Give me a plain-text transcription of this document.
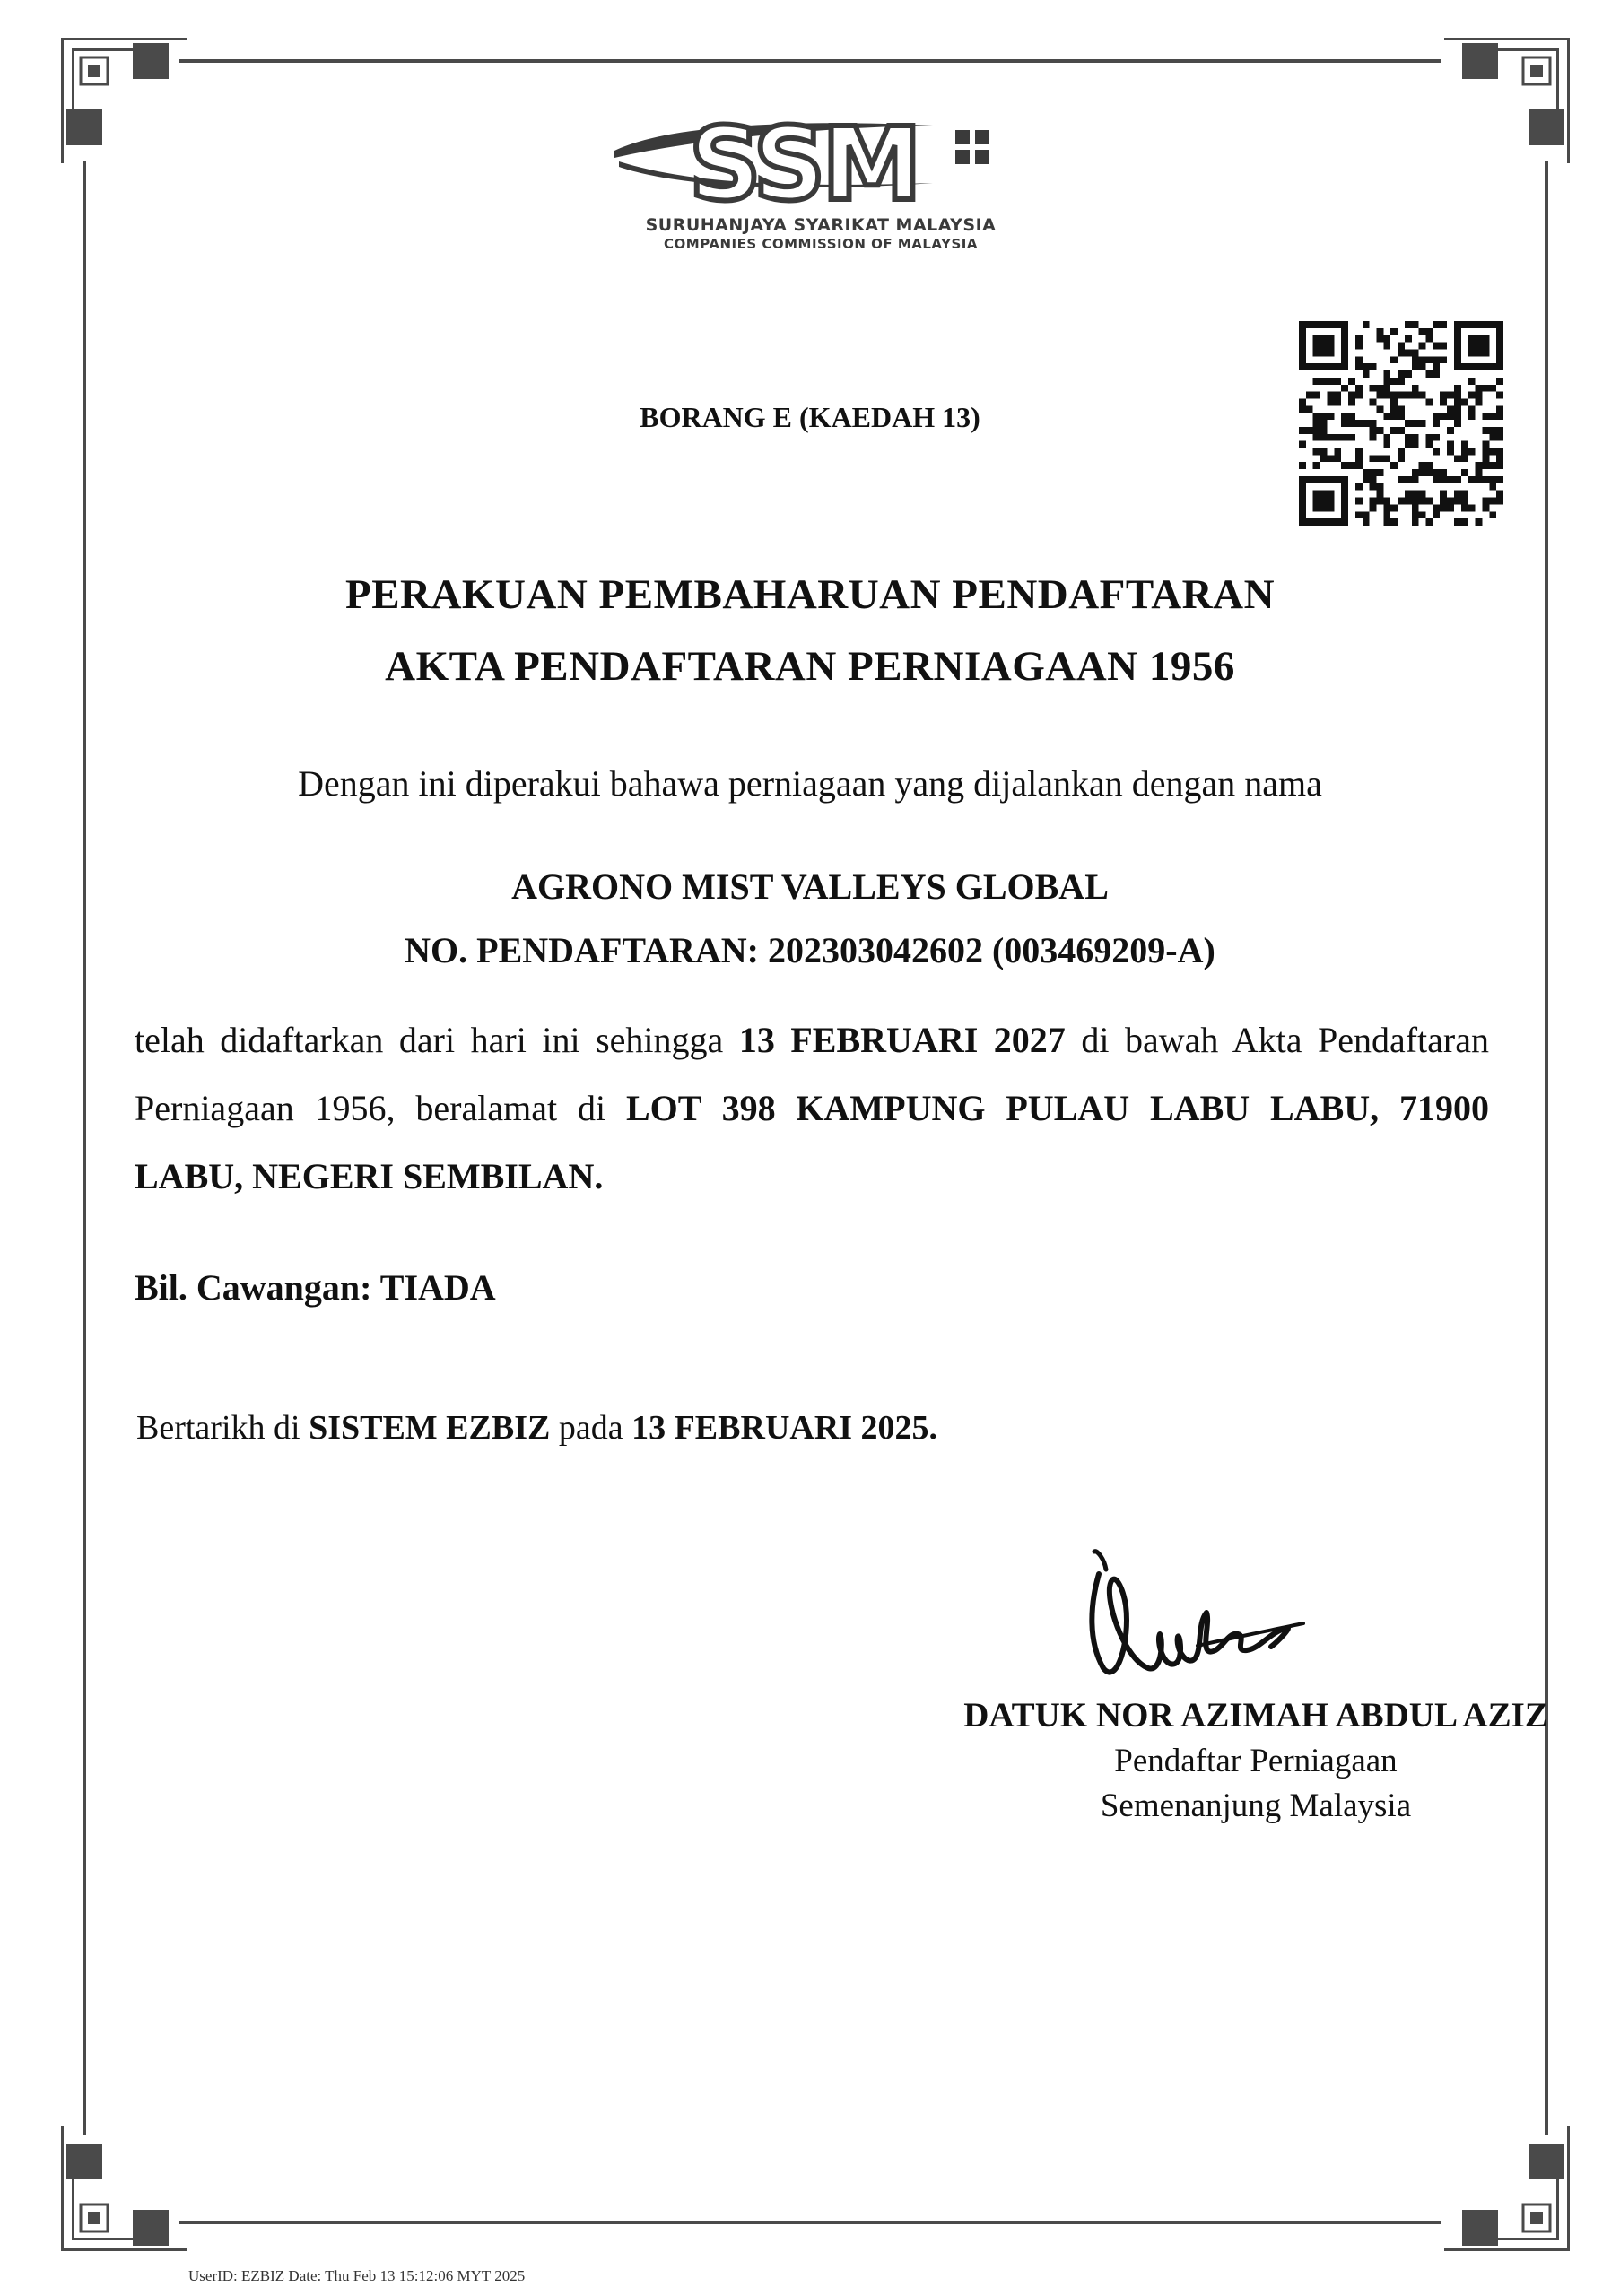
SSM
SURUHANJAYA SYARIKAT MALAYSIA
COMPANIES COMMISSION OF MALAYSIA
BORANG E (KAEDAH 13)
PERAKUAN PEMBAHARUAN PENDAFTARAN
AKTA PENDAFTARAN PERNIAGAAN 1956
Dengan ini diperakui bahawa perniagaan yang dijalankan dengan nama
AGRONO MIST VALLEYS GLOBAL
NO. PENDAFTARAN: 202303042602 (003469209-A)
telah didaftarkan dari hari ini sehingga 13 FEBRUARI 2027 di bawah Akta Pendaftaran Perniagaan 1956, beralamat di LOT 398 KAMPUNG PULAU LABU LABU, 71900 LABU, NEGERI SEMBILAN.
Bil. Cawangan: TIADA
Bertarikh di SISTEM EZBIZ pada 13 FEBRUARI 2025.
DATUK NOR AZIMAH ABDUL AZIZ
Pendaftar Perniagaan
Semenanjung Malaysia
UserID: EZBIZ Date: Thu Feb 13 15:12:06 MYT 2025
